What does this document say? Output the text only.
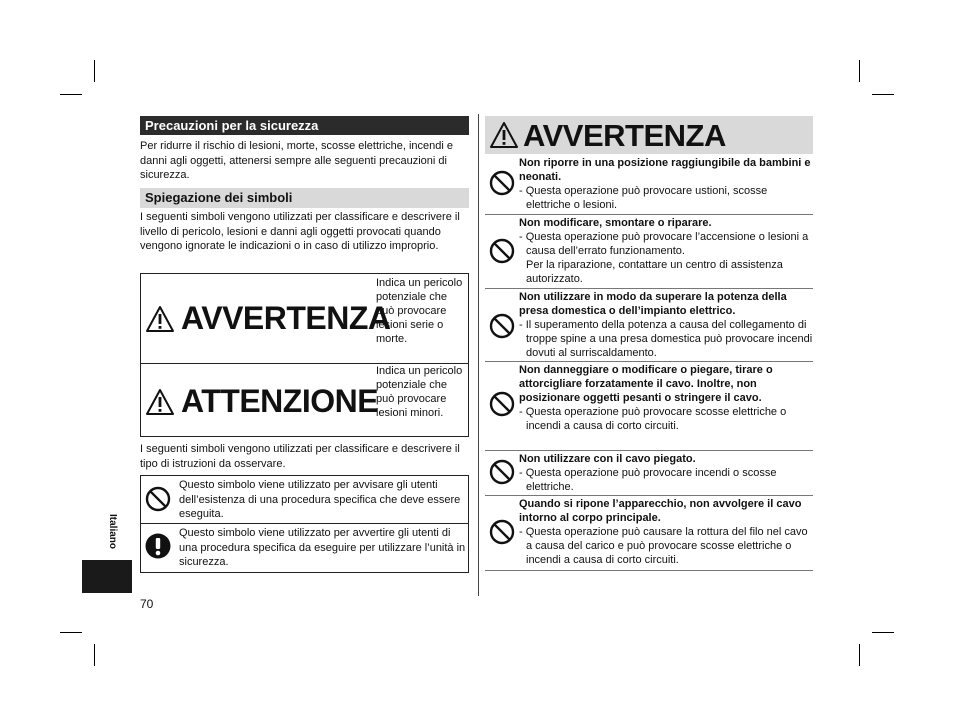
Precauzioni per la sicurezza
Per ridurre il rischio di lesioni, morte, scosse elettriche, incendi e danni agli oggetti, attenersi sempre alle seguenti precauzioni di sicurezza.
Spiegazione dei simboli
I seguenti simboli vengono utilizzati per classificare e descrivere il livello di pericolo, lesioni e danni agli oggetti provocati quando vengono ignorate le indicazioni o in caso di utilizzo improprio.
AVVERTENZA
Indica un pericolo potenziale che può provocare lesioni serie o morte.
ATTENZIONE
Indica un pericolo potenziale che può provocare lesioni minori.
I seguenti simboli vengono utilizzati per classificare e descrivere il tipo di istruzioni da osservare.
Questo simbolo viene utilizzato per avvisare gli utenti dell’esistenza di una procedura specifica che deve essere eseguita.
Questo simbolo viene utilizzato per avvertire gli utenti di una procedura specifica da eseguire per utilizzare l’unità in sicurezza.
Italiano
70
AVVERTENZA
Non riporre in una posizione raggiungibile da bambini e neonati.
- Questa operazione può provocare ustioni, scosse elettriche o lesioni.
Non modificare, smontare o riparare.
- Questa operazione può provocare l’accensione o lesioni a causa dell’errato funzionamento.
Per la riparazione, contattare un centro di assistenza autorizzato.
Non utilizzare in modo da superare la potenza della presa domestica o dell’impianto elettrico.
- Il superamento della potenza a causa del collegamento di troppe spine a una presa domestica può provocare incendi dovuti al surriscaldamento.
Non danneggiare o modificare o piegare, tirare o attorcigliare forzatamente il cavo. Inoltre, non posizionare oggetti pesanti o stringere il cavo.
- Questa operazione può provocare scosse elettriche o incendi a causa di corto circuiti.
Non utilizzare con il cavo piegato.
- Questa operazione può provocare incendi o scosse elettriche.
Quando si ripone l’apparecchio, non avvolgere il cavo intorno al corpo principale.
- Questa operazione può causare la rottura del filo nel cavo a causa del carico e può provocare scosse elettriche o incendi a causa di corto circuiti.
